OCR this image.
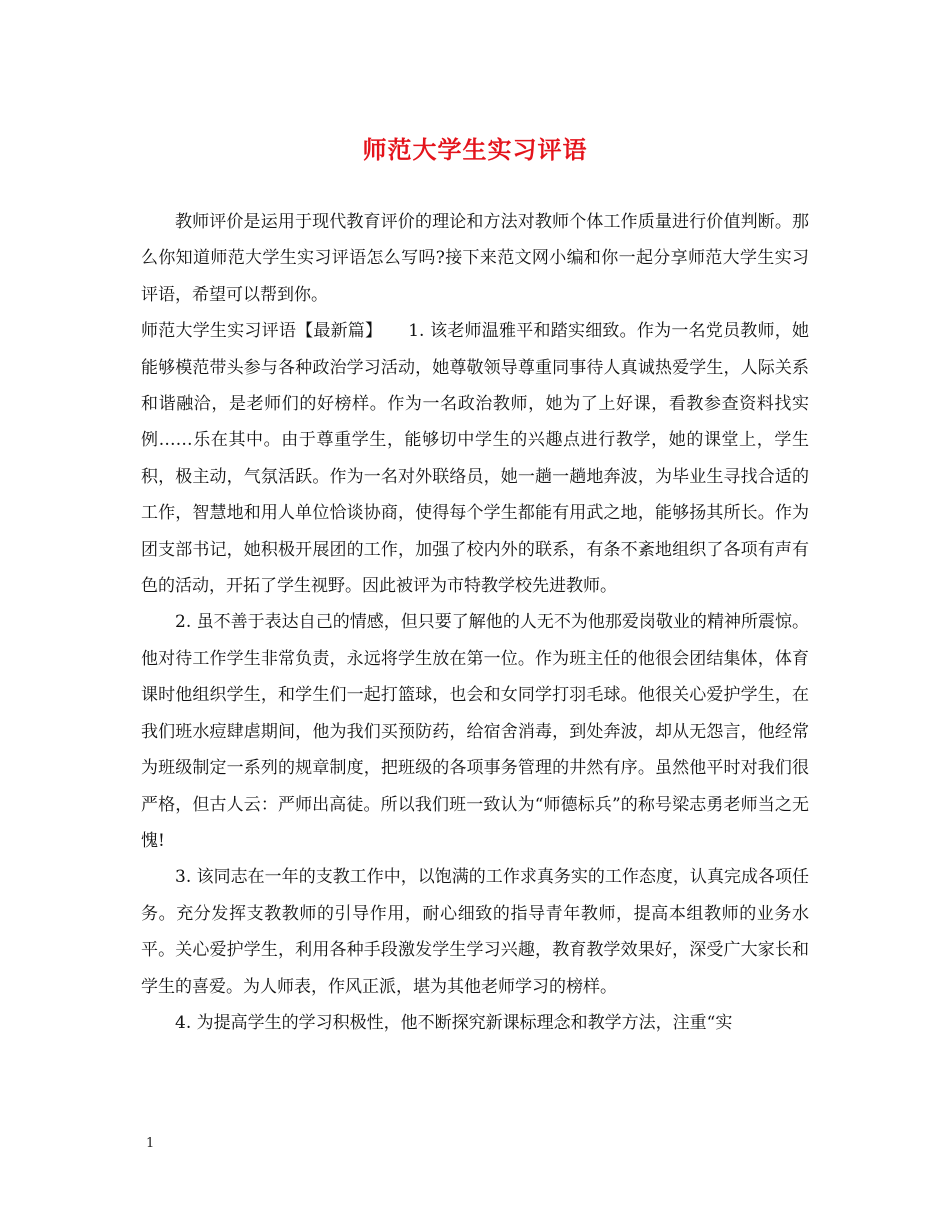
师范大学生实习评语

教师评价是运用于现代教育评价的理论和方法对教师个体工作质量进行价值判断。那么你知道师范大学生实习评语怎么写吗?接下来范文网小编和你一起分享师范大学生实习评语，希望可以帮到你。

师范大学生实习评语【最新篇】　　1. 该老师温雅平和踏实细致。作为一名党员教师，她能够模范带头参与各种政治学习活动，她尊敬领导尊重同事待人真诚热爱学生，人际关系和谐融洽，是老师们的好榜样。作为一名政治教师，她为了上好课，看教参查资料找实例……乐在其中。由于尊重学生，能够切中学生的兴趣点进行教学，她的课堂上，学生积，极主动，气氛活跃。作为一名对外联络员，她一趟一趟地奔波，为毕业生寻找合适的工作，智慧地和用人单位恰谈协商，使得每个学生都能有用武之地，能够扬其所长。作为团支部书记，她积极开展团的工作，加强了校内外的联系，有条不紊地组织了各项有声有色的活动，开拓了学生视野。因此被评为市特教学校先进教师。

2. 虽不善于表达自己的情感，但只要了解他的人无不为他那爱岗敬业的精神所震惊。他对待工作学生非常负责，永远将学生放在第一位。作为班主任的他很会团结集体，体育课时他组织学生，和学生们一起打篮球，也会和女同学打羽毛球。他很关心爱护学生，在我们班水痘肆虐期间，他为我们买预防药，给宿舍消毒，到处奔波，却从无怨言，他经常为班级制定一系列的规章制度，把班级的各项事务管理的井然有序。虽然他平时对我们很严格，但古人云：严师出高徒。所以我们班一致认为“师德标兵”的称号梁志勇老师当之无愧!

3. 该同志在一年的支教工作中，以饱满的工作求真务实的工作态度，认真完成各项任务。充分发挥支教教师的引导作用，耐心细致的指导青年教师，提高本组教师的业务水平。关心爱护学生，利用各种手段激发学生学习兴趣，教育教学效果好，深受广大家长和学生的喜爱。为人师表，作风正派，堪为其他老师学习的榜样。

4. 为提高学生的学习积极性，他不断探究新课标理念和教学方法，注重“实

1
